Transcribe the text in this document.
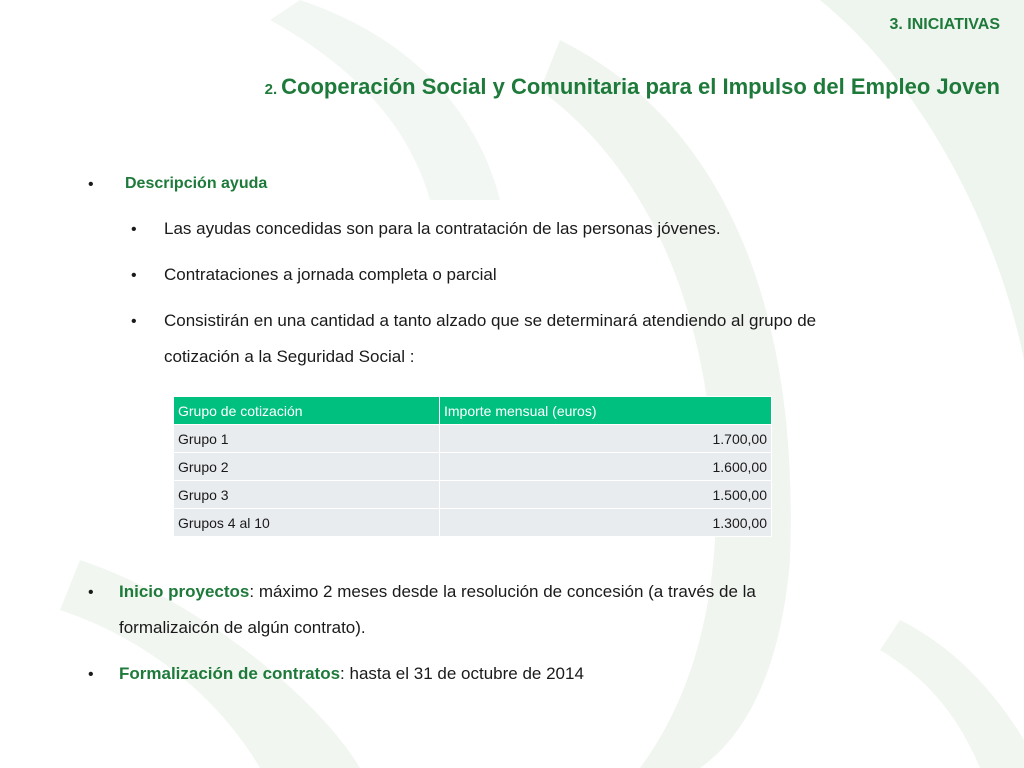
3. INICIATIVAS
2. Cooperación Social y Comunitaria para el Impulso del Empleo Joven
• Descripción ayuda
• Las ayudas concedidas son para la contratación de las personas jóvenes.
• Contrataciones a jornada completa o parcial
• Consistirán en una cantidad a tanto alzado que se determinará atendiendo al grupo de
cotización a la Seguridad Social :
Grupo de cotización	Importe mensual (euros)
Grupo 1	1.700,00
Grupo 2	1.600,00
Grupo 3	1.500,00
Grupos 4 al 10	1.300,00
• Inicio proyectos: máximo 2 meses desde la resolución de concesión (a través de la
formalizaicón de algún contrato).
• Formalización de contratos: hasta el 31 de octubre de 2014
